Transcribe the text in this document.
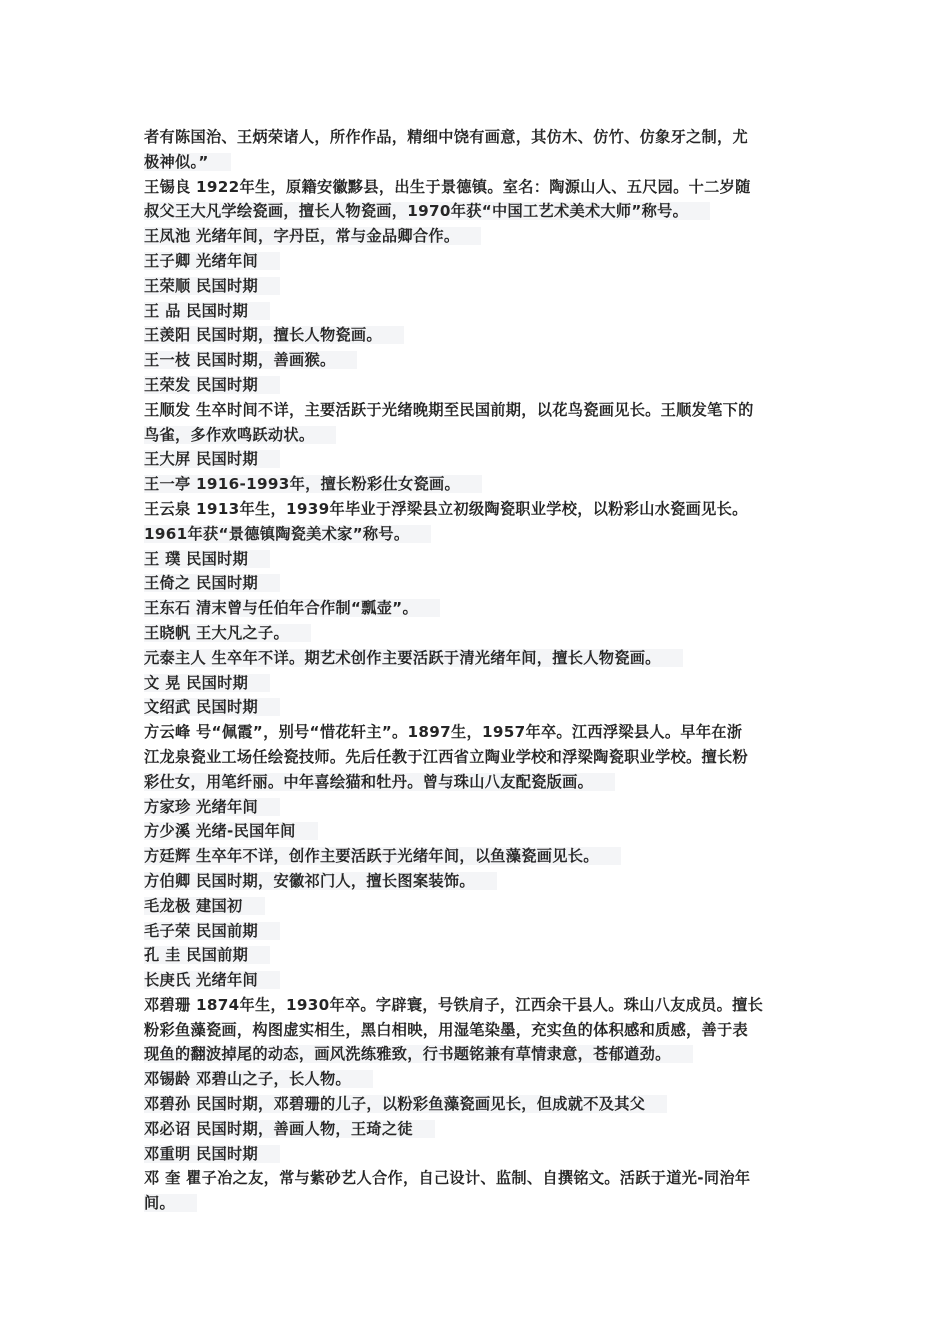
者有陈国治、王炳荣诸人，所作作品，精细中饶有画意，其仿木、仿竹、仿象牙之制，尤
极神似。”

王锡良 1922年生，原籍安徽黟县，出生于景德镇。室名：陶源山人、五尺园。十二岁随
叔父王大凡学绘瓷画，擅长人物瓷画，1970年获“中国工艺术美术大师”称号。

王凤池 光绪年间，字丹臣，常与金品卿合作。

王子卿 光绪年间

王荣顺 民国时期

王 品 民国时期

王羡阳 民国时期，擅长人物瓷画。

王一枝 民国时期，善画猴。

王荣发 民国时期

王顺发 生卒时间不详，主要活跃于光绪晚期至民国前期，以花鸟瓷画见长。王顺发笔下的
鸟雀，多作欢鸣跃动状。

王大屏 民国时期

王一亭 1916-1993年，擅长粉彩仕女瓷画。

王云泉 1913年生，1939年毕业于浮梁县立初级陶瓷职业学校，以粉彩山水瓷画见长。
1961年获“景德镇陶瓷美术家”称号。

王 璞 民国时期

王倚之 民国时期

王东石 清末曾与任伯年合作制“瓢壶”。

王晓帆 王大凡之子。

元泰主人 生卒年不详。期艺术创作主要活跃于清光绪年间，擅长人物瓷画。

文 晃 民国时期

文绍武 民国时期

方云峰 号“佩霞”，别号“惜花轩主”。1897生，1957年卒。江西浮梁县人。早年在浙
江龙泉瓷业工场任绘瓷技师。先后任教于江西省立陶业学校和浮梁陶瓷职业学校。擅长粉
彩仕女，用笔纤丽。中年喜绘猫和牡丹。曾与珠山八友配瓷版画。

方家珍 光绪年间

方少溪 光绪-民国年间

方廷辉 生卒年不详，创作主要活跃于光绪年间，以鱼藻瓷画见长。

方伯卿 民国时期，安徽祁门人，擅长图案装饰。

毛龙极 建国初

毛子荣 民国前期

孔 圭 民国前期

长庚氏 光绪年间

邓碧珊 1874年生，1930年卒。字辟寰，号铁肩子，江西余干县人。珠山八友成员。擅长
粉彩鱼藻瓷画，构图虚实相生，黑白相映，用湿笔染墨，充实鱼的体积感和质感，善于表
现鱼的翻波掉尾的动态，画风洗练雅致，行书题铭兼有草情隶意，苍郁遒劲。

邓锡龄 邓碧山之子，长人物。

邓碧孙 民国时期，邓碧珊的儿子，以粉彩鱼藻瓷画见长，但成就不及其父

邓必诏 民国时期，善画人物，王琦之徒

邓重明 民国时期

邓 奎 瞿子冶之友，常与紫砂艺人合作，自己设计、监制、自撰铭文。活跃于道光-同治年
间。
